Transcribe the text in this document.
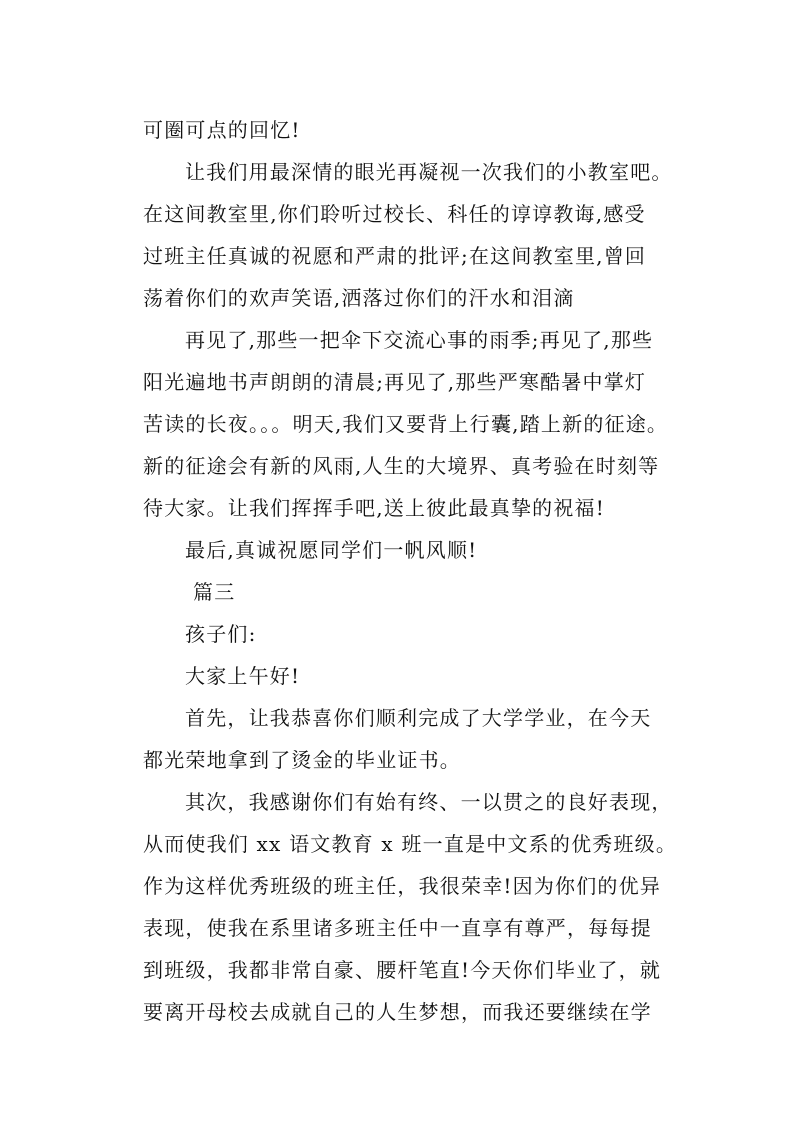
可圈可点的回忆!
让我们用最深情的眼光再凝视一次我们的小教室吧。
在这间教室里,你们聆听过校长、科任的谆谆教诲,感受
过班主任真诚的祝愿和严肃的批评;在这间教室里,曾回
荡着你们的欢声笑语,洒落过你们的汗水和泪滴
再见了,那些一把伞下交流心事的雨季;再见了,那些
阳光遍地书声朗朗的清晨;再见了,那些严寒酷暑中掌灯
苦读的长夜。。。明天,我们又要背上行囊,踏上新的征途。
新的征途会有新的风雨,人生的大境界、真考验在时刻等
待大家。让我们挥挥手吧,送上彼此最真挚的祝福!
最后,真诚祝愿同学们一帆风顺!
篇三
孩子们:
大家上午好!
首先，让我恭喜你们顺利完成了大学学业，在今天
都光荣地拿到了烫金的毕业证书。
其次，我感谢你们有始有终、一以贯之的良好表现，
从而使我们 xx 语文教育 x 班一直是中文系的优秀班级。
作为这样优秀班级的班主任，我很荣幸!因为你们的优异
表现，使我在系里诸多班主任中一直享有尊严，每每提
到班级，我都非常自豪、腰杆笔直!今天你们毕业了，就
要离开母校去成就自己的人生梦想，而我还要继续在学
